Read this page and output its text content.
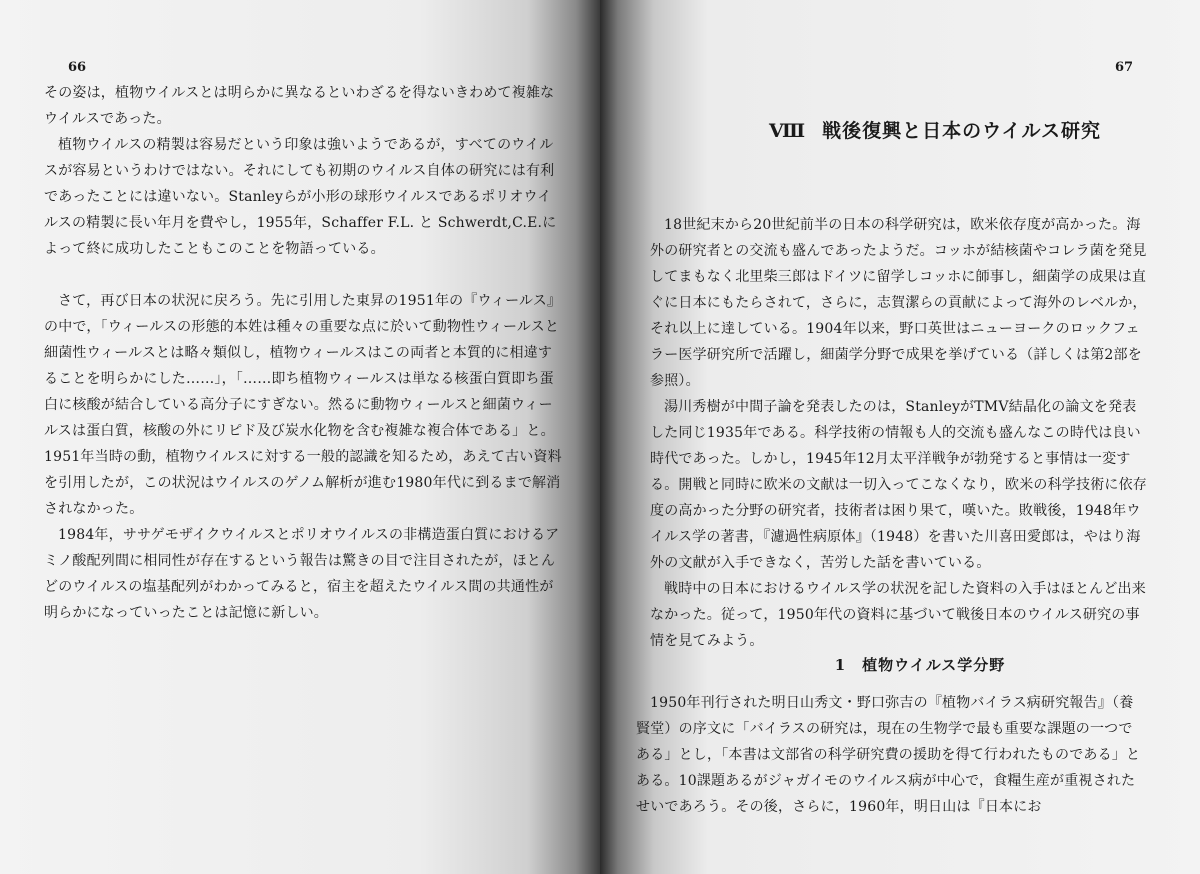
66

その姿は，植物ウイルスとは明らかに異なるといわざるを得ないきわめて複雑なウイルスであった。

植物ウイルスの精製は容易だという印象は強いようであるが，すべてのウイルスが容易というわけではない。それにしても初期のウイルス自体の研究には有利であったことには違いない。Stanleyらが小形の球形ウイルスであるポリオウイルスの精製に長い年月を費やし，1955年，Schaffer F.L. と Schwerdt,C.E.によって終に成功したこともこのことを物語っている。

さて，再び日本の状況に戻ろう。先に引用した東昇の1951年の『ウィールス』の中で，「ウィールスの形態的本姓は種々の重要な点に於いて動物性ウィールスと細菌性ウィールスとは略々類似し，植物ウィールスはこの両者と本質的に相違することを明らかにした……」，「……即ち植物ウィールスは単なる核蛋白質即ち蛋白に核酸が結合している高分子にすぎない。然るに動物ウィールスと細菌ウィールスは蛋白質，核酸の外にリピド及び炭水化物を含む複雑な複合体である」と。1951年当時の動，植物ウイルスに対する一般的認識を知るため，あえて古い資料を引用したが，この状況はウイルスのゲノム解析が進む1980年代に到るまで解消されなかった。

1984年，ササゲモザイクウイルスとポリオウイルスの非構造蛋白質におけるアミノ酸配列間に相同性が存在するという報告は驚きの目で注目されたが，ほとんどのウイルスの塩基配列がわかってみると，宿主を超えたウイルス間の共通性が明らかになっていったことは記憶に新しい。

67
Ⅷ 戦後復興と日本のウイルス研究

18世紀末から20世紀前半の日本の科学研究は，欧米依存度が高かった。海外の研究者との交流も盛んであったようだ。コッホが結核菌やコレラ菌を発見してまもなく北里柴三郎はドイツに留学しコッホに師事し，細菌学の成果は直ぐに日本にもたらされて，さらに，志賀潔らの貢献によって海外のレベルか，それ以上に達している。1904年以来，野口英世はニューヨークのロックフェラー医学研究所で活躍し，細菌学分野で成果を挙げている（詳しくは第2部を参照）。

湯川秀樹が中間子論を発表したのは，StanleyがTMV結晶化の論文を発表した同じ1935年である。科学技術の情報も人的交流も盛んなこの時代は良い時代であった。しかし，1945年12月太平洋戦争が勃発すると事情は一変する。開戦と同時に欧米の文献は一切入ってこなくなり，欧米の科学技術に依存度の高かった分野の研究者，技術者は困り果て，嘆いた。敗戦後，1948年ウイルス学の著書，『濾過性病原体』（1948）を書いた川喜田愛郎は，やはり海外の文献が入手できなく，苦労した話を書いている。

戦時中の日本におけるウイルス学の状況を記した資料の入手はほとんど出来なかった。従って，1950年代の資料に基づいて戦後日本のウイルス研究の事情を見てみよう。

1 植物ウイルス学分野

1950年刊行された明日山秀文・野口弥吉の『植物バイラス病研究報告』（養賢堂）の序文に「バイラスの研究は，現在の生物学で最も重要な課題の一つである」とし，「本書は文部省の科学研究費の援助を得て行われたものである」とある。10課題あるがジャガイモのウイルス病が中心で，食糧生産が重視されたせいであろう。その後，さらに，1960年，明日山は『日本にお
